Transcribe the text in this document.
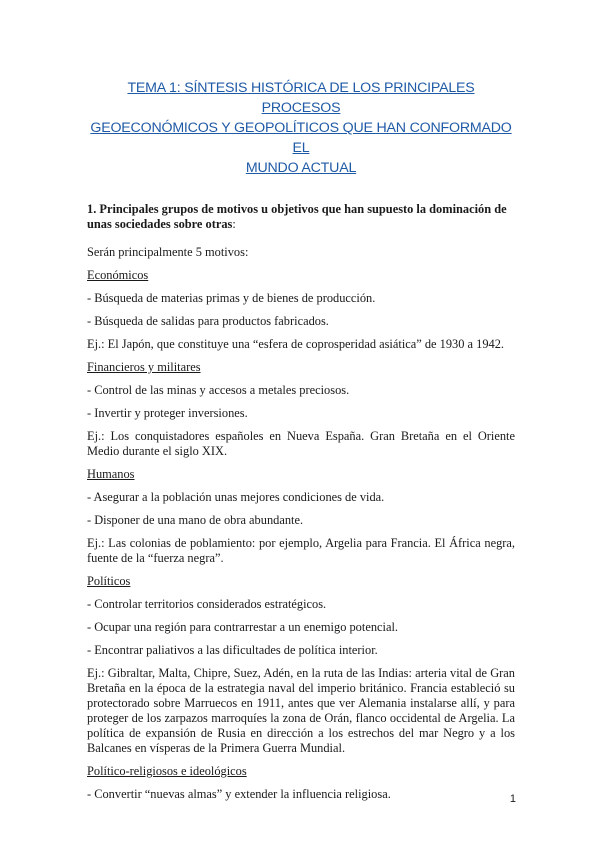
TEMA 1: SÍNTESIS HISTÓRICA DE LOS PRINCIPALES PROCESOS
GEOECONÓMICOS Y GEOPOLÍTICOS QUE HAN CONFORMADO EL
MUNDO ACTUAL

1. Principales grupos de motivos u objetivos que han supuesto la dominación de unas sociedades sobre otras:

Serán principalmente 5 motivos:

Económicos

- Búsqueda de materias primas y de bienes de producción.

- Búsqueda de salidas para productos fabricados.

Ej.: El Japón, que constituye una “esfera de coprosperidad asiática” de 1930 a 1942.

Financieros y militares

- Control de las minas y accesos a metales preciosos.

- Invertir y proteger inversiones.

Ej.: Los conquistadores españoles en Nueva España. Gran Bretaña en el Oriente Medio durante el siglo XIX.

Humanos

- Asegurar a la población unas mejores condiciones de vida.

- Disponer de una mano de obra abundante.

Ej.: Las colonias de poblamiento: por ejemplo, Argelia para Francia. El África negra, fuente de la “fuerza negra”.

Políticos

- Controlar territorios considerados estratégicos.

- Ocupar una región para contrarrestar a un enemigo potencial.

- Encontrar paliativos a las dificultades de política interior.

Ej.: Gibraltar, Malta, Chipre, Suez, Adén, en la ruta de las Indias: arteria vital de Gran Bretaña en la época de la estrategia naval del imperio británico. Francia estableció su protectorado sobre Marruecos en 1911, antes que ver Alemania instalarse allí, y para proteger de los zarpazos marroquíes la zona de Orán, flanco occidental de Argelia. La política de expansión de Rusia en dirección a los estrechos del mar Negro y a los Balcanes en vísperas de la Primera Guerra Mundial.

Político-religiosos e ideológicos

- Convertir “nuevas almas” y extender la influencia religiosa.	1
